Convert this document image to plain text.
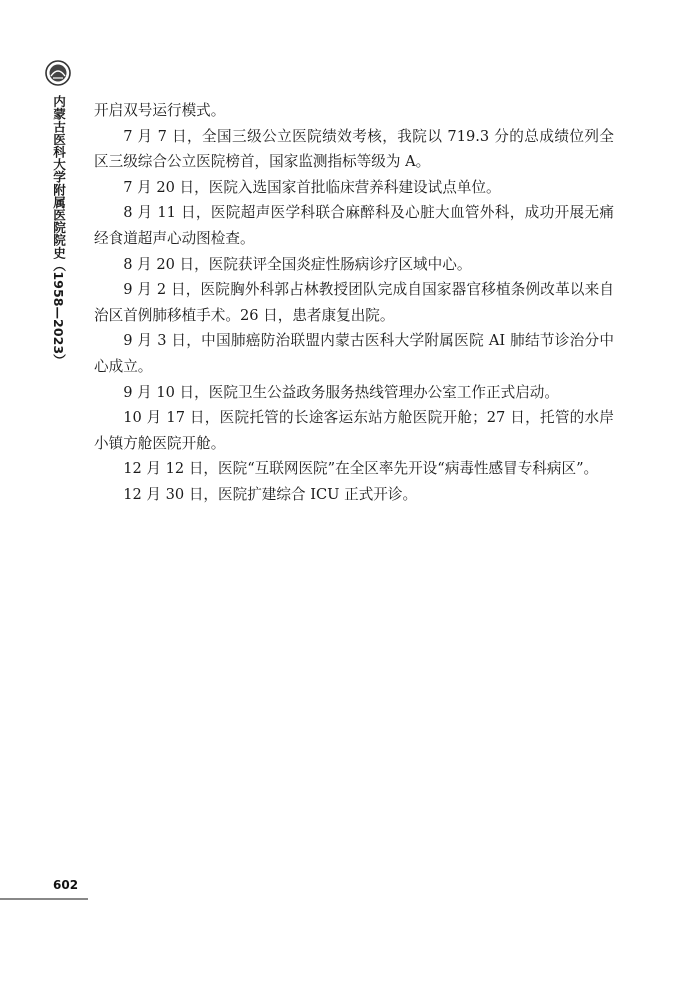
内蒙古医科大学附属医院院史（1958—2023）

开启双号运行模式。

7 月 7 日，全国三级公立医院绩效考核，我院以 719.3 分的总成绩位列全区三级综合公立医院榜首，国家监测指标等级为 A。

7 月 20 日，医院入选国家首批临床营养科建设试点单位。

8 月 11 日，医院超声医学科联合麻醉科及心脏大血管外科，成功开展无痛经食道超声心动图检查。

8 月 20 日，医院获评全国炎症性肠病诊疗区域中心。

9 月 2 日，医院胸外科郭占林教授团队完成自国家器官移植条例改革以来自治区首例肺移植手术。26 日，患者康复出院。

9 月 3 日，中国肺癌防治联盟内蒙古医科大学附属医院 AI 肺结节诊治分中心成立。

9 月 10 日，医院卫生公益政务服务热线管理办公室工作正式启动。

10 月 17 日，医院托管的长途客运东站方舱医院开舱；27 日，托管的水岸小镇方舱医院开舱。

12 月 12 日，医院“互联网医院”在全区率先开设“病毒性感冒专科病区”。

12 月 30 日，医院扩建综合 ICU 正式开诊。

602
